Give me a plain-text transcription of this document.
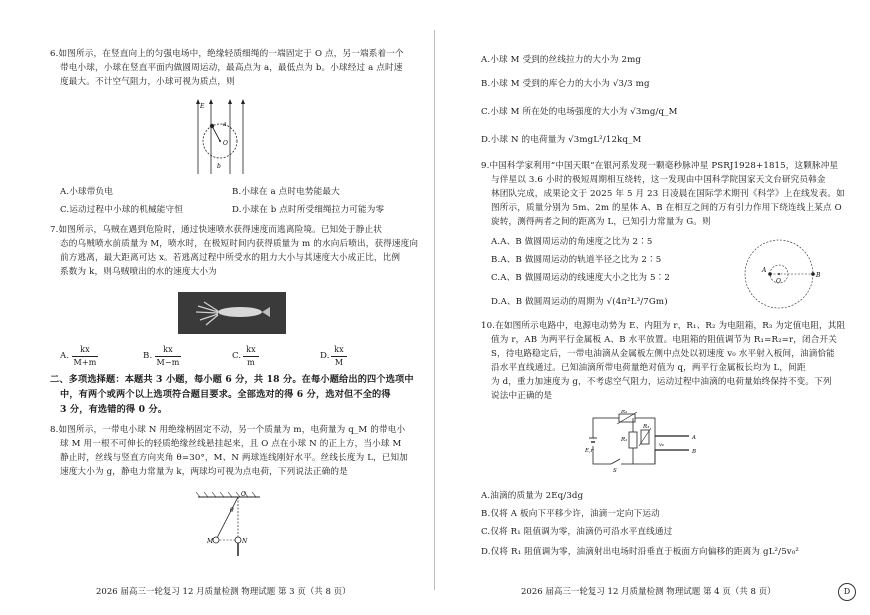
6.如图所示，在竖直向上的匀强电场中，绝缘轻质细绳的一端固定于 O 点，另一端系着一个
带电小球，小球在竖直平面内做圆周运动，最高点为 a，最低点为 b。小球经过 a 点时速
度最大。不计空气阻力，小球可视为质点，则
E
a
O
b
A.小球带负电	B.小球在 a 点时电势能最大
C.运动过程中小球的机械能守恒	D.小球在 b 点时所受细绳拉力可能为零
7.如图所示，乌贼在遇到危险时，通过快速喷水获得速度而逃离险境。已知处于静止状
态的乌贼喷水前质量为 M，喷水时，在极短时间内获得质量为 m 的水向后喷出，获得速度向
前方逃离，最大距离可达 x。若逃离过程中所受水的阻力大小与其速度大小成正比，比例
系数为 k，则乌贼喷出的水的速度大小为
A.
kx
M+m
B.
kx
M−m
C.
kx
m
D.
kx
M
二、多项选择题：本题共 3 小题，每小题 6 分，共 18 分。在每小题给出的四个选项中
中，有两个或两个以上选项符合题目要求。全部选对的得 6 分，选对但不全的得
3 分，有选错的得 0 分。
8.如图所示，一带电小球 N 用绝缘柄固定不动，另一个质量为 m，电荷量为 q_M 的带电小
球 M 用一根不可伸长的轻质绝缘丝线悬挂起来，且 O 点在小球 N 的正上方，当小球 M
静止时，丝线与竖直方向夹角 θ=30°，M、N 两球连线刚好水平。丝线长度为 L，已知加
速度大小为 g，静电力常量为 k，两球均可视为点电荷，下列说法正确的是
O
θ
M	N
2026 届高三一轮复习 12 月质量检测 物理试题 第 3 页（共 8 页）
A.小球 M 受到的丝线拉力的大小为 2mg
B.小球 M 受到的库仑力的大小为 √3/3 mg
C.小球 M 所在处的电场强度的大小为 √3mg/q_M
D.小球 N 的电荷量为 √3mgL²/12kq_M
9.中国科学家利用“中国天眼”在银河系发现一颗毫秒脉冲星 PSRJ1928+1815，这颗脉冲星
与伴星以 3.6 小时的极短周期相互绕转，这一发现由中国科学院国家天文台研究员韩金
林团队完成，成果论文于 2025 年 5 月 23 日凌晨在国际学术期刊《科学》上在线发表。如
图所示，质量分别为 5m、2m 的星体 A、B 在相互之间的万有引力作用下绕连线上某点 O
旋转，测得两者之间的距离为 L，已知引力常量为 G。则
A.A、B 做圆周运动的角速度之比为 2∶5
B.A、B 做圆周运动的轨道半径之比为 2∶5
C.A、B 做圆周运动的线速度大小之比为 5∶2
D.A、B 做圆周运动的周期为 √(4π²L³/7Gm)
A
O
B
10.在如图所示电路中，电源电动势为 E、内阻为 r，R₁、R₂ 为电阻箱，R₃ 为定值电阻，其阻
值为 r，AB 为两平行金属板 A、B 水平放置。电阻箱的阻值调节为 R₁=R₂=r，闭合开关
S，待电路稳定后，一带电油滴从金属板左侧中点处以初速度 v₀ 水平射入板间，油滴恰能
沿水平直线通过。已知油滴所带电荷量绝对值为 q，两平行金属板长均为 L，间距
为 d，重力加速度为 g，不考虑空气阻力，运动过程中油滴的电荷量始终保持不变。下列
说法中正确的是
R₂
R₁
R₃
A
B
E,r
S
v₀
A.油滴的质量为 2Eq/3dg
B.仅将 A 板向下平移少许，油滴一定向下运动
C.仅将 R₁ 阻值调为零，油滴仍可沿水平直线通过
D.仅将 R₁ 阻值调为零，油滴射出电场时沿垂直于板面方向偏移的距离为 gL²/5v₀²
2026 届高三一轮复习 12 月质量检测 物理试题 第 4 页（共 8 页）	D
